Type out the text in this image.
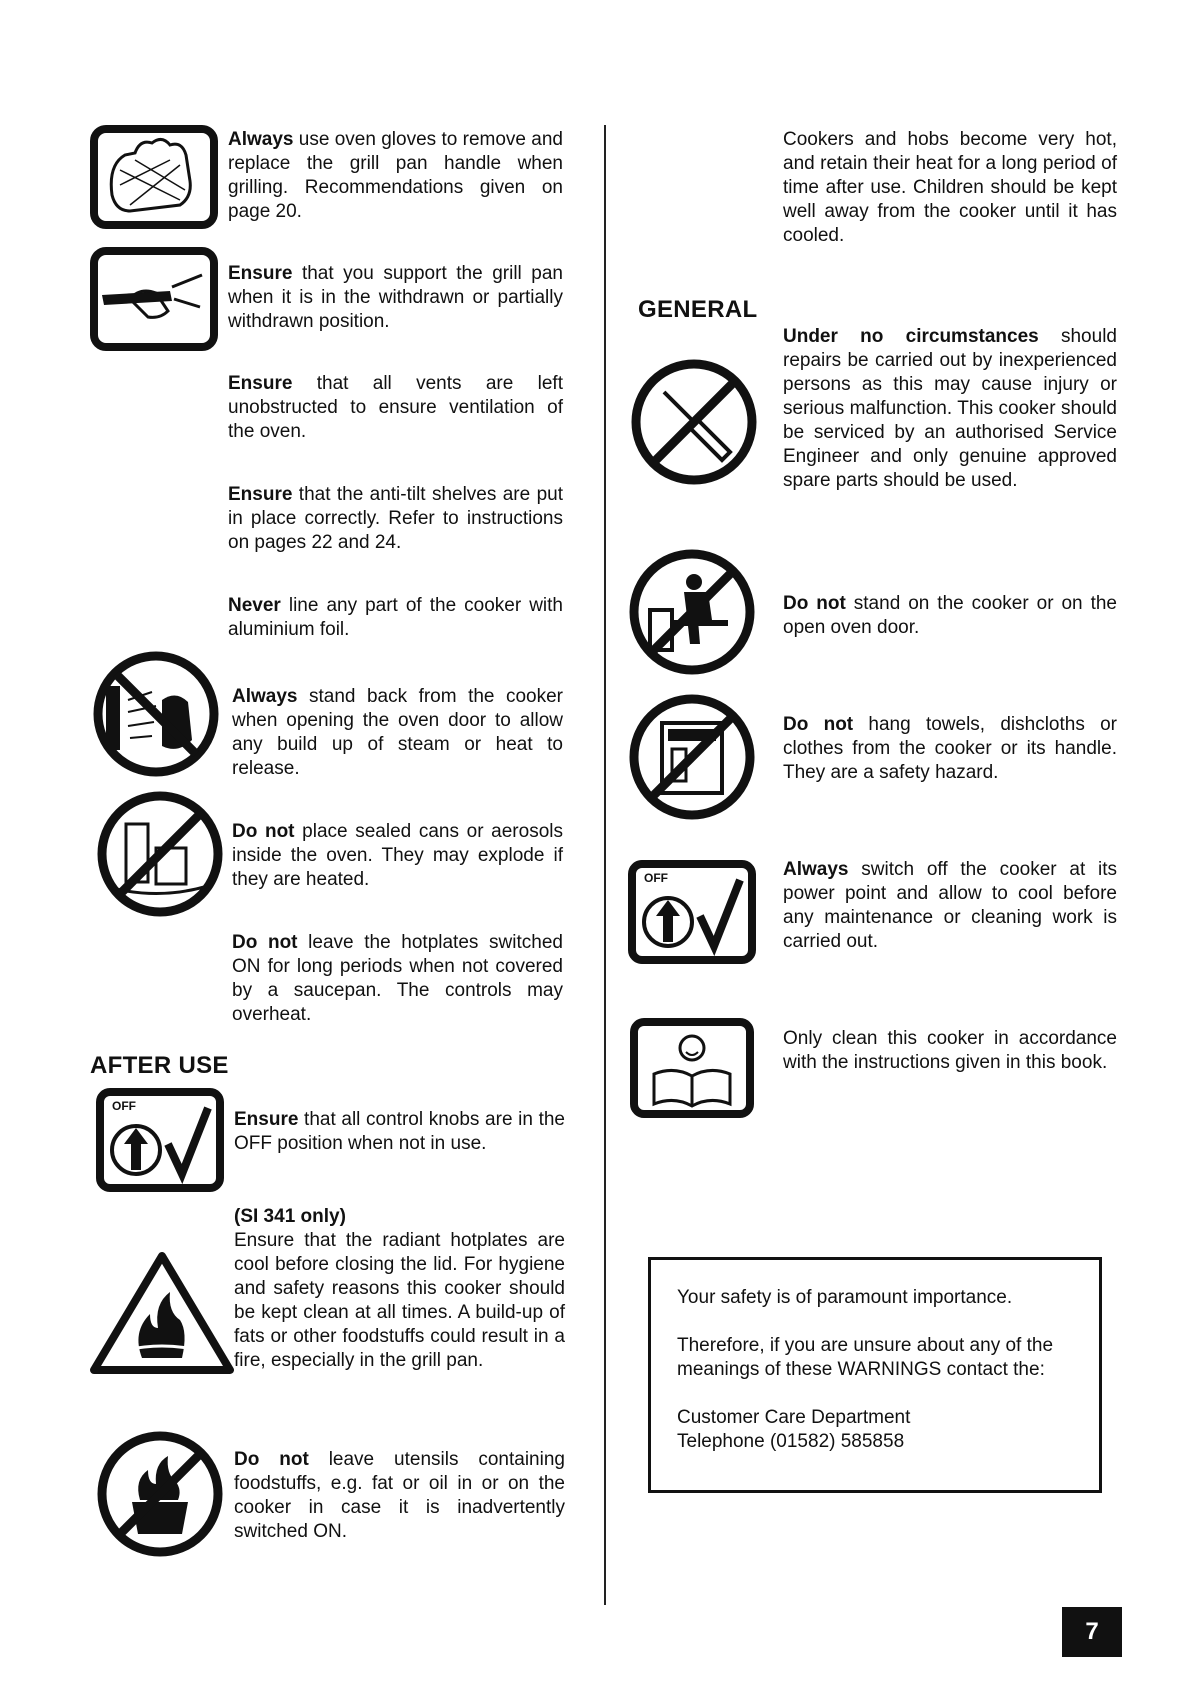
Always use oven gloves to remove and replace the grill pan handle when grilling. Recommendations given on page 20.
Ensure that you support the grill pan when it is in the withdrawn or partially withdrawn position.
Ensure that all vents are left unobstructed to ensure ventilation of the oven.
Ensure that the anti-tilt shelves are put in place correctly. Refer to instructions on pages 22 and 24.
Never line any part of the cooker with aluminium foil.
Always stand back from the cooker when opening the oven door to allow any build up of steam or heat to release.
Do not place sealed cans or aerosols inside the oven. They may explode if they are heated.
Do not leave the hotplates switched ON for long periods when not covered by a saucepan. The controls may overheat.
AFTER USE
OFF
Ensure that all control knobs are in the OFF position when not in use.
(SI 341 only)
Ensure that the radiant hotplates are cool before closing the lid. For hygiene and safety reasons this cooker should be kept clean at all times. A build-up of fats or other foodstuffs could result in a fire, especially in the grill pan.
Do not leave utensils containing foodstuffs, e.g. fat or oil in or on the cooker in case it is inadvertently switched ON.
Cookers and hobs become very hot, and retain their heat for a long period of time after use. Children should be kept well away from the cooker until it has cooled.
GENERAL
Under no circumstances should repairs be carried out by inexperienced persons as this may cause injury or serious malfunction. This cooker should be serviced by an authorised Service Engineer and only genuine approved spare parts should be used.
Do not stand on the cooker or on the open oven door.
Do not hang towels, dishcloths or clothes from the cooker or its handle. They are a safety hazard.
OFF	Always switch off the cooker at its power point and allow to cool before any maintenance or cleaning work is carried out.
Only clean this cooker in accordance with the instructions given in this book.

Your safety is of paramount importance.

Therefore, if you are unsure about any of the meanings of these WARNINGS contact the:

Customer Care Department
Telephone (01582) 585858
7
